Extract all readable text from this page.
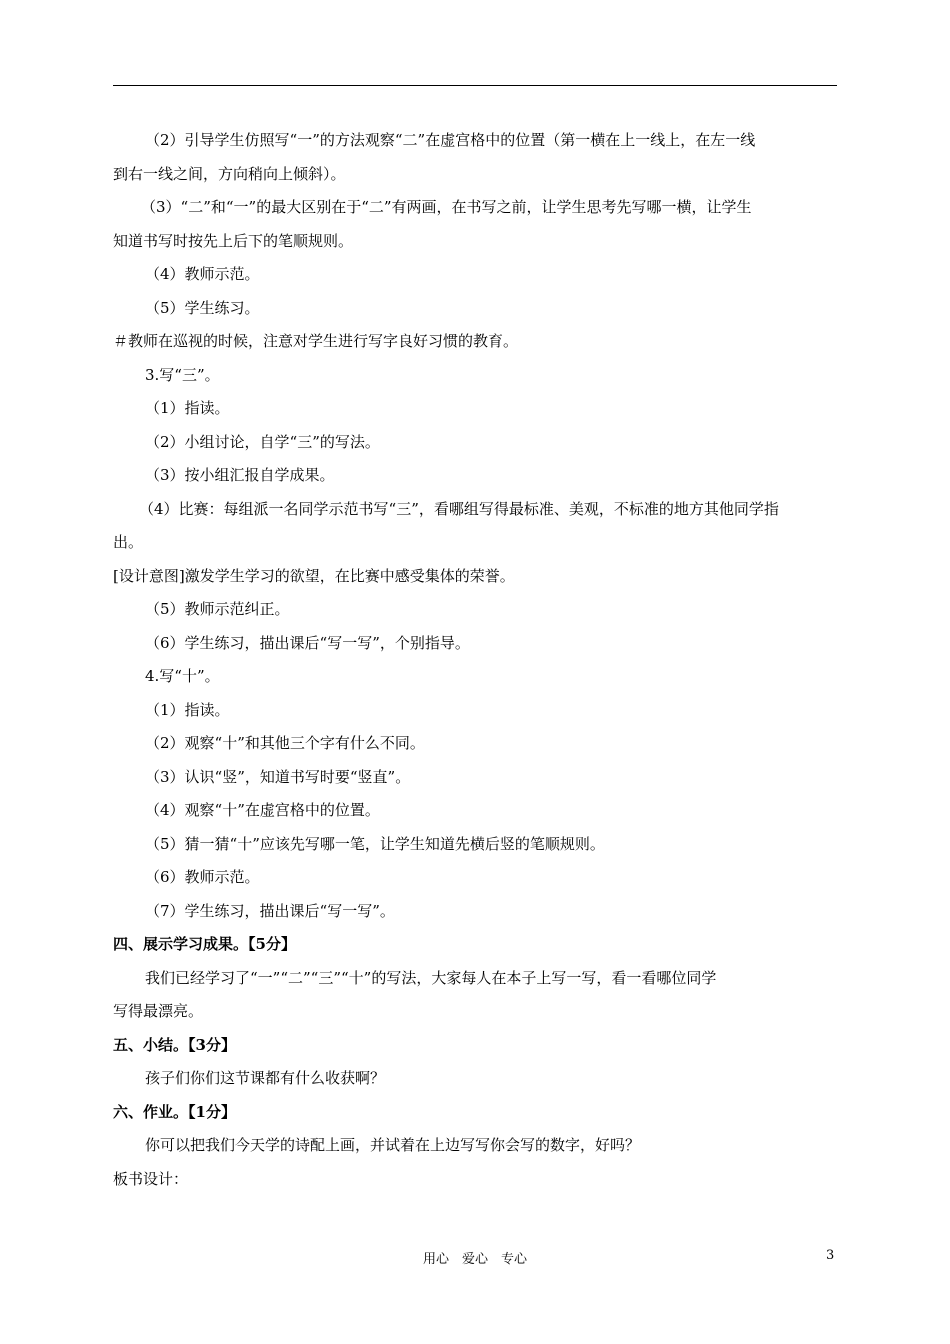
（2）引导学生仿照写“一”的方法观察“二”在虚宫格中的位置（第一横在上一线上，在左一线
到右一线之间，方向稍向上倾斜）。
（3）“二”和“一”的最大区别在于“二”有两画，在书写之前，让学生思考先写哪一横，让学生
知道书写时按先上后下的笔顺规则。
（4）教师示范。
（5）学生练习。
＃教师在巡视的时候，注意对学生进行写字良好习惯的教育。
3.写“三”。
（1）指读。
（2）小组讨论，自学“三”的写法。
（3）按小组汇报自学成果。
（4）比赛：每组派一名同学示范书写“三”，看哪组写得最标准、美观，不标准的地方其他同学指
出。
[设计意图]激发学生学习的欲望，在比赛中感受集体的荣誉。
（5）教师示范纠正。
（6）学生练习，描出课后“写一写”，个别指导。
4.写“十”。
（1）指读。
（2）观察“十”和其他三个字有什么不同。
（3）认识“竖”，知道书写时要“竖直”。
（4）观察“十”在虚宫格中的位置。
（5）猜一猜“十”应该先写哪一笔，让学生知道先横后竖的笔顺规则。
（6）教师示范。
（7）学生练习，描出课后“写一写”。
四、展示学习成果。【5分】
我们已经学习了“一”“二”“三”“十”的写法，大家每人在本子上写一写，看一看哪位同学
写得最漂亮。
五、小结。【3分】
孩子们你们这节课都有什么收获啊？
六、作业。【1分】
你可以把我们今天学的诗配上画，并试着在上边写写你会写的数字，好吗？
板书设计：
用心　爱心　专心	3
